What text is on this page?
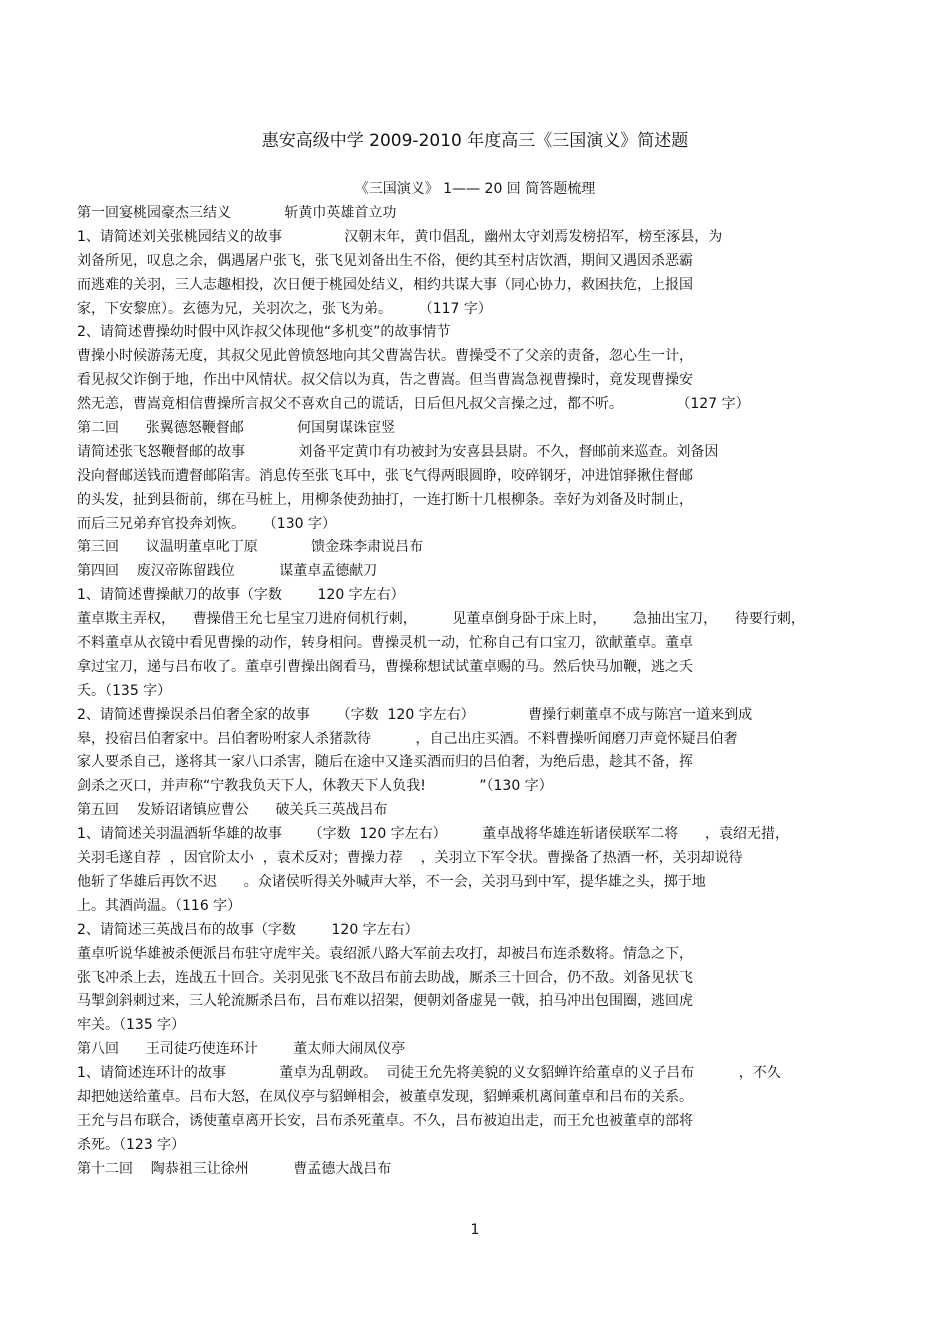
惠安高级中学 2009-2010 年度高三《三国演义》简述题
《三国演义》 1—— 20 回 简答题梳理
第一回宴桃园豪杰三结义            斩黄巾英雄首立功
1、请简述刘关张桃园结义的故事              汉朝末年，黄巾倡乱，幽州太守刘焉发榜招军，榜至涿县，为
刘备所见，叹息之余，偶遇屠户张飞，张飞见刘备出生不俗，便约其至村店饮酒，期间又遇因杀恶霸
而逃难的关羽，三人志趣相投，次日便于桃园处结义，相约共谋大事（同心协力，救困扶危，上报国
家，下安黎庶）。玄德为兄，关羽次之，张飞为弟。      （117 字）
2、请简述曹操幼时假中风诈叔父体现他“多机变”的故事情节
曹操小时候游荡无度，其叔父见此曾愤怒地向其父曹嵩告状。曹操受不了父亲的责备，忽心生一计，
看见叔父诈倒于地，作出中风情状。叔父信以为真，告之曹嵩。但当曹嵩急视曹操时，竟发现曹操安
然无恙，曹嵩竟相信曹操所言叔父不喜欢自己的谎话，日后但凡叔父言操之过，都不听。            （127 字）
第二回      张翼德怒鞭督邮            何国舅谋诛宦竖
请简述张飞怒鞭督邮的故事            刘备平定黄巾有功被封为安喜县县尉。不久，督邮前来巡查。刘备因
没向督邮送钱而遭督邮陷害。消息传至张飞耳中，张飞气得两眼圆睁，咬碎钢牙，冲进馆驿揪住督邮
的头发，扯到县衙前，绑在马桩上，用柳条使劲抽打，一连打断十几根柳条。幸好为刘备及时制止，
而后三兄弟弃官投奔刘恢。    （130 字）
第三回      议温明董卓叱丁原            馈金珠李肃说吕布
第四回    废汉帝陈留践位          谋董卓孟德献刀
1、请简述曹操献刀的故事（字数        120 字左右）
董卓欺主弄权，    曹操借王允七星宝刀进府伺机行刺，        见董卓倒身卧于床上时，      急抽出宝刀，    待要行刺，
不料董卓从衣镜中看见曹操的动作，转身相问。曹操灵机一动，忙称自己有口宝刀，欲献董卓。董卓
拿过宝刀，递与吕布收了。董卓引曹操出阁看马，曹操称想试试董卓赐的马。然后快马加鞭，逃之夭
夭。（135 字）
2、请简述曹操误杀吕伯奢全家的故事      （字数  120 字左右）            曹操行刺董卓不成与陈宫一道来到成
皋，投宿吕伯奢家中。吕伯奢吩咐家人杀猪款待          ，自己出庄买酒。不料曹操听闻磨刀声竟怀疑吕伯奢
家人要杀自己，遂将其一家八口杀害，随后在途中又逢买酒而归的吕伯奢，为绝后患，趁其不备，挥
剑杀之灭口，并声称“宁教我负天下人，休教天下人负我!            ”（130 字）
第五回    发矫诏诸镇应曹公      破关兵三英战吕布
1、请简述关羽温酒斩华雄的故事      （字数  120 字左右）        董卓战将华雄连斩诸侯联军二将      ，袁绍无措，
关羽毛遂自荐  ，因官阶太小  ，袁术反对；曹操力荐    ，关羽立下军令状。曹操备了热酒一杯，关羽却说待
他斩了华雄后再饮不迟      。众诸侯听得关外喊声大举，不一会，关羽马到中军，提华雄之头，掷于地
上。其酒尚温。（116 字）
2、请简述三英战吕布的故事（字数        120 字左右）
董卓听说华雄被杀便派吕布驻守虎牢关。袁绍派八路大军前去攻打，却被吕布连杀数将。情急之下，
张飞冲杀上去，连战五十回合。关羽见张飞不敌吕布前去助战，厮杀三十回合，仍不敌。刘备见状飞
马掣剑斜刺过来，三人轮流厮杀吕布，吕布难以招架，便朝刘备虚晃一戟，拍马冲出包围圈，逃回虎
牢关。（135 字）
第八回      王司徒巧使连环计        董太师大闹凤仪亭
1、请简述连环计的故事            董卓为乱朝政。  司徒王允先将美貌的义女貂蝉许给董卓的义子吕布          ，不久
却把她送给董卓。吕布大怒，在凤仪亭与貂蝉相会，被董卓发现，貂蝉乘机离间董卓和吕布的关系。
王允与吕布联合，诱使董卓离开长安，吕布杀死董卓。不久，吕布被迫出走，而王允也被董卓的部将
杀死。（123 字）
第十二回    陶恭祖三让徐州          曹孟德大战吕布
1
